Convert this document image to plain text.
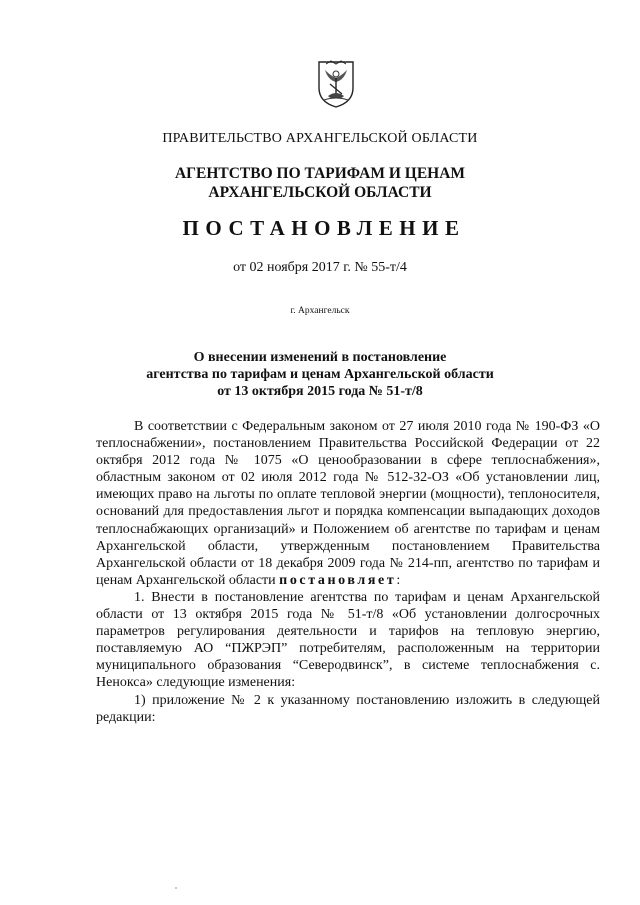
ПРАВИТЕЛЬСТВО АРХАНГЕЛЬСКОЙ ОБЛАСТИ
АГЕНТСТВО ПО ТАРИФАМ И ЦЕНАМ
АРХАНГЕЛЬСКОЙ ОБЛАСТИ
ПОСТАНОВЛЕНИЕ
от 02 ноября 2017 г. № 55-т/4
г. Архангельск
О внесении изменений в постановление
агентства по тарифам и ценам Архангельской области
от 13 октября 2015 года № 51-т/8

В соответствии с Федеральным законом от 27 июля 2010 года № 190-ФЗ «О теплоснабжении», постановлением Правительства Российской Федерации от 22 октября 2012 года № 1075 «О ценообразовании в сфере теплоснабжения», областным законом от 02 июля 2012 года № 512-32-ОЗ «Об установлении лиц, имеющих право на льготы по оплате тепловой энергии (мощности), теплоносителя, оснований для предоставления льгот и порядка компенсации выпадающих доходов теплоснабжающих организаций» и Положением об агентстве по тарифам и ценам Архангельской области, утвержденным постановлением Правительства Архангельской области от 18 декабря 2009 года № 214-пп, агентство по тарифам и ценам Архангельской области постановляет:

1. Внести в постановление агентства по тарифам и ценам Архангельской области от 13 октября 2015 года № 51-т/8 «Об установлении долгосрочных параметров регулирования деятельности и тарифов на тепловую энергию, поставляемую АО “ПЖРЭП” потребителям, расположенным на территории муниципального образования “Северодвинск”, в системе теплоснабжения с. Ненокса» следующие изменения:

1) приложение № 2 к указанному постановлению изложить в следующей редакции:
